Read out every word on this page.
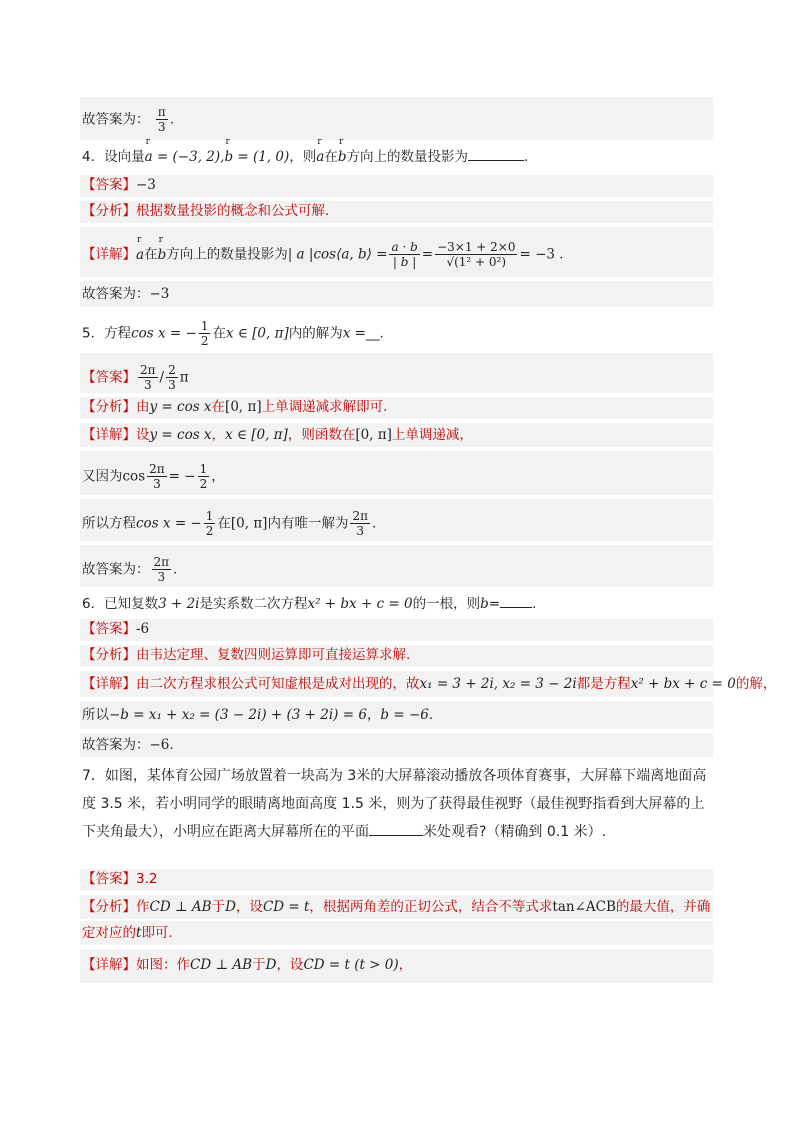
故答案为： $\frac{\pi}{3}$ .
4．设向量r a = (−3, 2),r b = (1, 0)，则r a在r b方向上的数量投影为	.
【答案】−3
【分析】根据数量投影的概念和公式可解．
【详解】r a在r b方向上的数量投影为| a |cos⟨a, b⟩ = $\frac{a \cdot b}{| b |} = \frac{-3\times 1 + 2\times 0}{\text{√(1² + 0²)}} = -3$ .
故答案为：−3
5．方程cos x = − $\frac{1}{2}$ 在x ∈ [0, π]内的解为x =__.
【答案】 $\frac{2\pi}{3} / \frac{2}{3}$ π
【分析】由y = cos x在[0, π]上单调递减求解即可.
【详解】设y = cos x，x ∈ [0, π]，则函数在[0, π]上单调递减，
又因为$\cos \frac{2\pi}{3}$ = − $\frac{1}{2}$ ，
所以方程cos x = − $\frac{1}{2}$ 在[0, π]内有唯一解为 $\frac{2\pi}{3}$ .
故答案为： $\frac{2\pi}{3}$ .
6．已知复数3 + 2i是实系数二次方程x² + bx + c = 0的一根，则b= .
【答案】-6
【分析】由韦达定理、复数四则运算即可直接运算求解.
【详解】由二次方程求根公式可知虚根是成对出现的，故x₁ = 3 + 2i, x₂ = 3 − 2i都是方程x² + bx + c = 0的解，
所以−b = x₁ + x₂ = (3 − 2i) + (3 + 2i) = 6，b = −6.
故答案为：−6.
7．如图，某体育公园广场放置着一块高为 3米的大屏幕滚动播放各项体育赛事，大屏幕下端离地面高度 3.5 米，若小明同学的眼睛离地面高度 1.5 米，则为了获得最佳视野（最佳视野指看到大屏幕的上下夹角最大），小明应在距离大屏幕所在的平面	米处观看?（精确到 0.1 米）.
【答案】3.2
【分析】作CD ⊥ AB于D，设CD = t，根据两角差的正切公式，结合不等式求tan∠ACB的最大值，并确
定对应的t即可.
【详解】如图：作CD ⊥ AB于D，设CD = t (t > 0)，
